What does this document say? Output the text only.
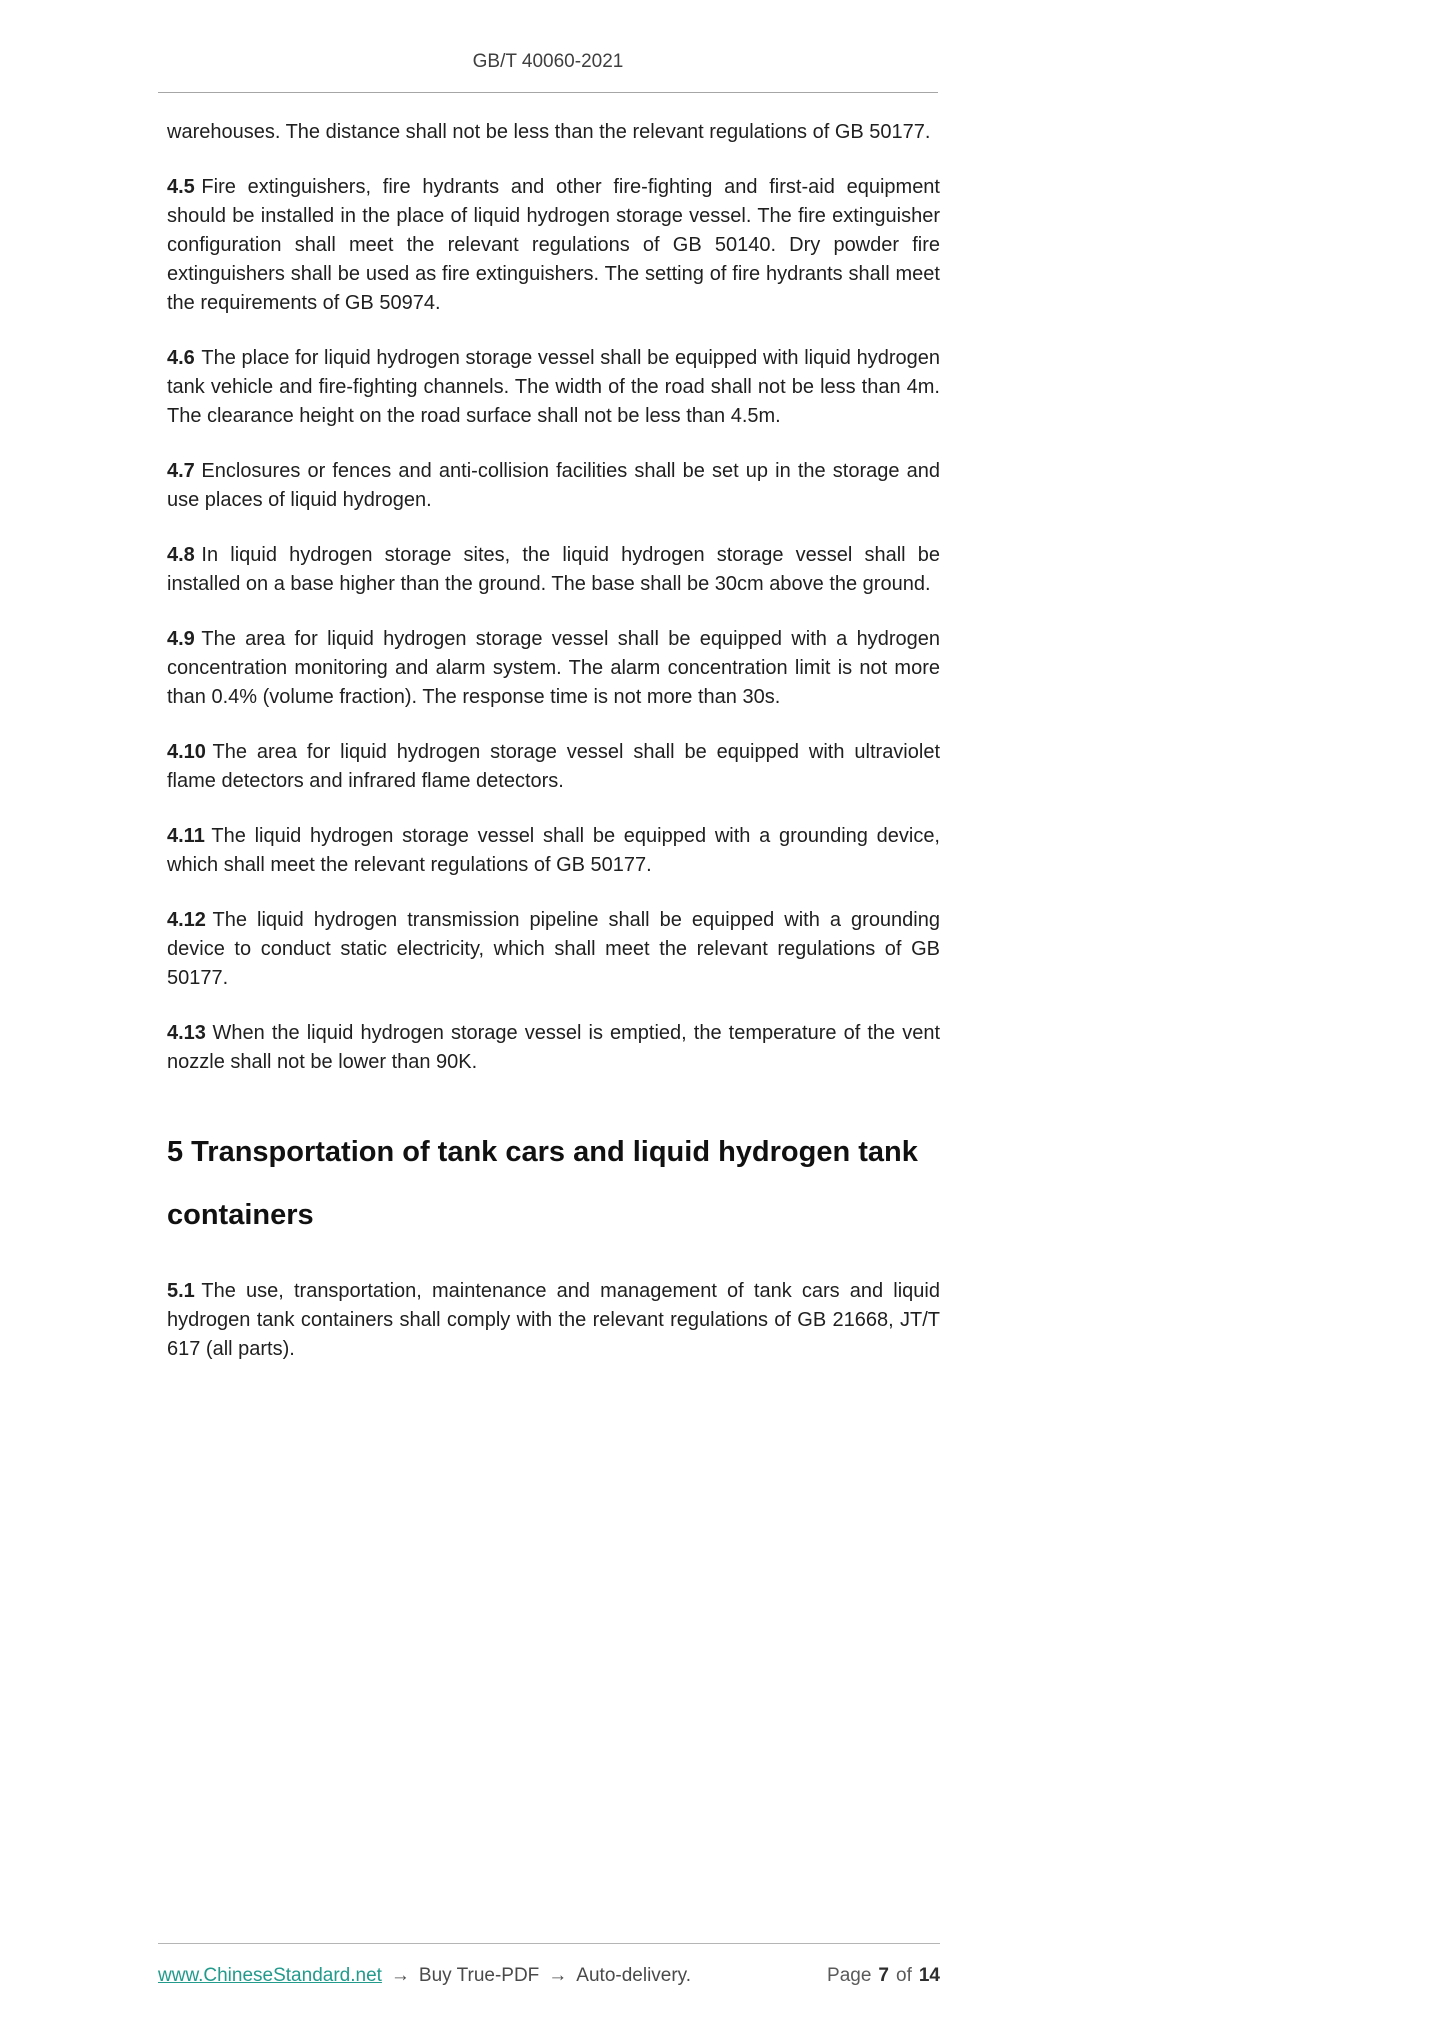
GB/T 40060-2021

warehouses. The distance shall not be less than the relevant regulations of GB 50177.

4.5 Fire extinguishers, fire hydrants and other fire-fighting and first-aid equipment should be installed in the place of liquid hydrogen storage vessel. The fire extinguisher configuration shall meet the relevant regulations of GB 50140. Dry powder fire extinguishers shall be used as fire extinguishers. The setting of fire hydrants shall meet the requirements of GB 50974.

4.6 The place for liquid hydrogen storage vessel shall be equipped with liquid hydrogen tank vehicle and fire-fighting channels. The width of the road shall not be less than 4m. The clearance height on the road surface shall not be less than 4.5m.

4.7 Enclosures or fences and anti-collision facilities shall be set up in the storage and use places of liquid hydrogen.

4.8 In liquid hydrogen storage sites, the liquid hydrogen storage vessel shall be installed on a base higher than the ground. The base shall be 30cm above the ground.

4.9 The area for liquid hydrogen storage vessel shall be equipped with a hydrogen concentration monitoring and alarm system. The alarm concentration limit is not more than 0.4% (volume fraction). The response time is not more than 30s.

4.10 The area for liquid hydrogen storage vessel shall be equipped with ultraviolet flame detectors and infrared flame detectors.

4.11 The liquid hydrogen storage vessel shall be equipped with a grounding device, which shall meet the relevant regulations of GB 50177.

4.12 The liquid hydrogen transmission pipeline shall be equipped with a grounding device to conduct static electricity, which shall meet the relevant regulations of GB 50177.

4.13 When the liquid hydrogen storage vessel is emptied, the temperature of the vent nozzle shall not be lower than 90K.

5 Transportation of tank cars and liquid hydrogen tank containers

5.1 The use, transportation, maintenance and management of tank cars and liquid hydrogen tank containers shall comply with the relevant regulations of GB 21668, JT/T 617 (all parts).

www.ChineseStandard.net → Buy True-PDF → Auto-delivery.	Page 7 of 14
